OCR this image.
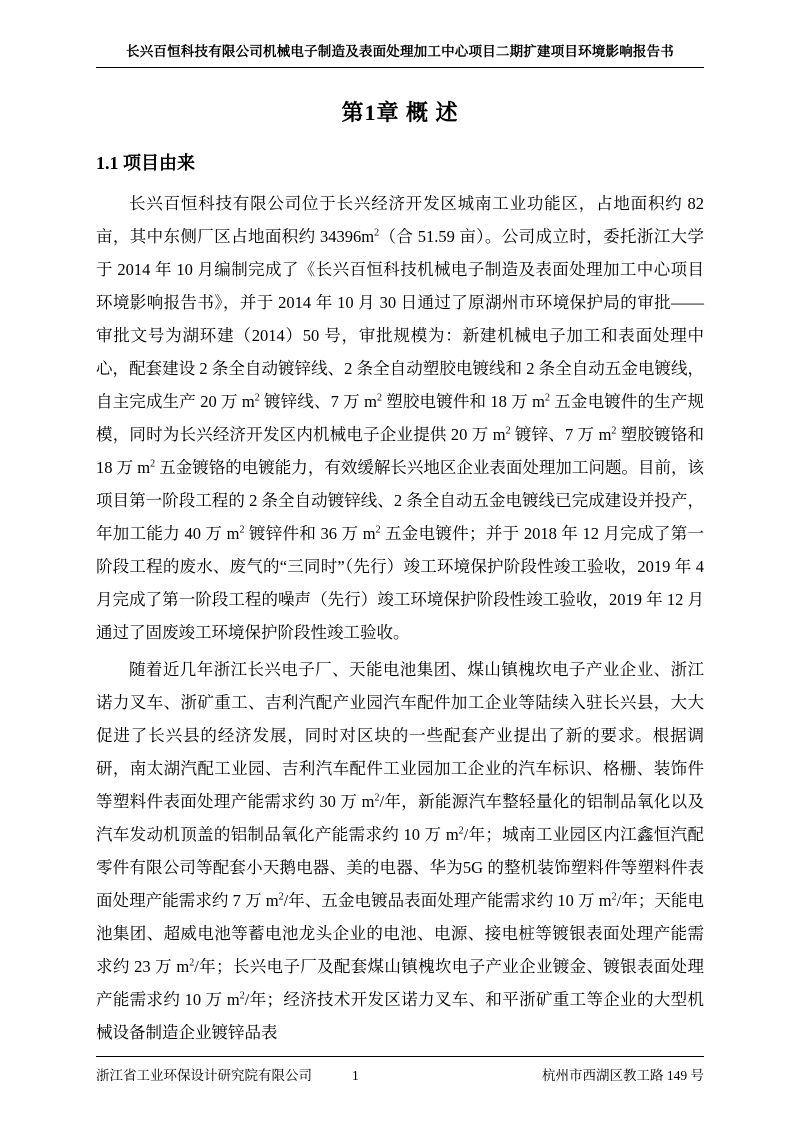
长兴百恒科技有限公司机械电子制造及表面处理加工中心项目二期扩建项目环境影响报告书
第1章 概 述
1.1 项目由来
长兴百恒科技有限公司位于长兴经济开发区城南工业功能区，占地面积约 82 亩，其中东侧厂区占地面积约 $34396m^2$（合 51.59 亩）。公司成立时，委托浙江大学于 2014 年 10 月编制完成了《长兴百恒科技机械电子制造及表面处理加工中心项目环境影响报告书》，并于 2014 年 10 月 30 日通过了原湖州市环境保护局的审批——审批文号为湖环建（2014）50 号，审批规模为：新建机械电子加工和表面处理中心，配套建设 2 条全自动镀锌线、2 条全自动塑胶电镀线和 2 条全自动五金电镀线，自主完成生产 20 万 $m^2$ 镀锌线、7 万 $m^2$ 塑胶电镀件和 18 万 $m^2$ 五金电镀件的生产规模，同时为长兴经济开发区内机械电子企业提供 20 万 $m^2$ 镀锌、7 万 $m^2$ 塑胶镀铬和 18 万 $m^2$ 五金镀铬的电镀能力，有效缓解长兴地区企业表面处理加工问题。目前，该项目第一阶段工程的 2 条全自动镀锌线、2 条全自动五金电镀线已完成建设并投产，年加工能力 40 万 $m^2$ 镀锌件和 36 万 $m^2$ 五金电镀件；并于 2018 年 12 月完成了第一阶段工程的废水、废气的“三同时”（先行）竣工环境保护阶段性竣工验收，2019 年 4 月完成了第一阶段工程的噪声（先行）竣工环境保护阶段性竣工验收，2019 年 12 月通过了固废竣工环境保护阶段性竣工验收。
随着近几年浙江长兴电子厂、天能电池集团、煤山镇槐坎电子产业企业、浙江诺力叉车、浙矿重工、吉利汽配产业园汽车配件加工企业等陆续入驻长兴县，大大促进了长兴县的经济发展，同时对区块的一些配套产业提出了新的要求。根据调研，南太湖汽配工业园、吉利汽车配件工业园加工企业的汽车标识、格栅、装饰件等塑料件表面处理产能需求约 30 万 $m^2/$年，新能源汽车整轻量化的铝制品氧化以及汽车发动机顶盖的铝制品氧化产能需求约 10 万 $m^2/$年；城南工业园区内江鑫恒汽配零件有限公司等配套小天鹅电器、美的电器、华为5G 的整机装饰塑料件等塑料件表面处理产能需求约 7 万 $m^2/$年、五金电镀品表面处理产能需求约 10 万 $m^2/$年；天能电池集团、超威电池等蓄电池龙头企业的电池、电源、接电桩等镀银表面处理产能需求约 23 万 $m^2/$年；长兴电子厂及配套煤山镇槐坎电子产业企业镀金、镀银表面处理产能需求约 10 万 $m^2/$年；经济技术开发区诺力叉车、和平浙矿重工等企业的大型机械设备制造企业镀锌品表
浙江省工业环保设计研究院有限公司	1	杭州市西湖区教工路 149 号
